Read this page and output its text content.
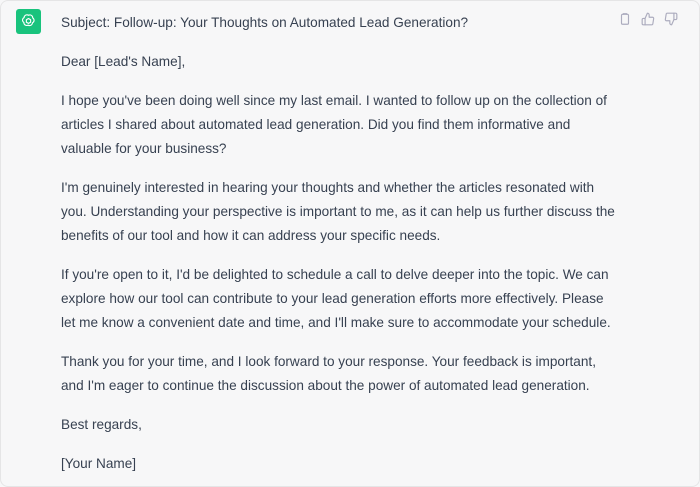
Subject: Follow-up: Your Thoughts on Automated Lead Generation?

Dear [Lead's Name],

I hope you've been doing well since my last email. I wanted to follow up on the collection of articles I shared about automated lead generation. Did you find them informative and valuable for your business?

I'm genuinely interested in hearing your thoughts and whether the articles resonated with you. Understanding your perspective is important to me, as it can help us further discuss the benefits of our tool and how it can address your specific needs.

If you're open to it, I'd be delighted to schedule a call to delve deeper into the topic. We can explore how our tool can contribute to your lead generation efforts more effectively. Please let me know a convenient date and time, and I'll make sure to accommodate your schedule.

Thank you for your time, and I look forward to your response. Your feedback is important, and I'm eager to continue the discussion about the power of automated lead generation.

Best regards,

[Your Name]
